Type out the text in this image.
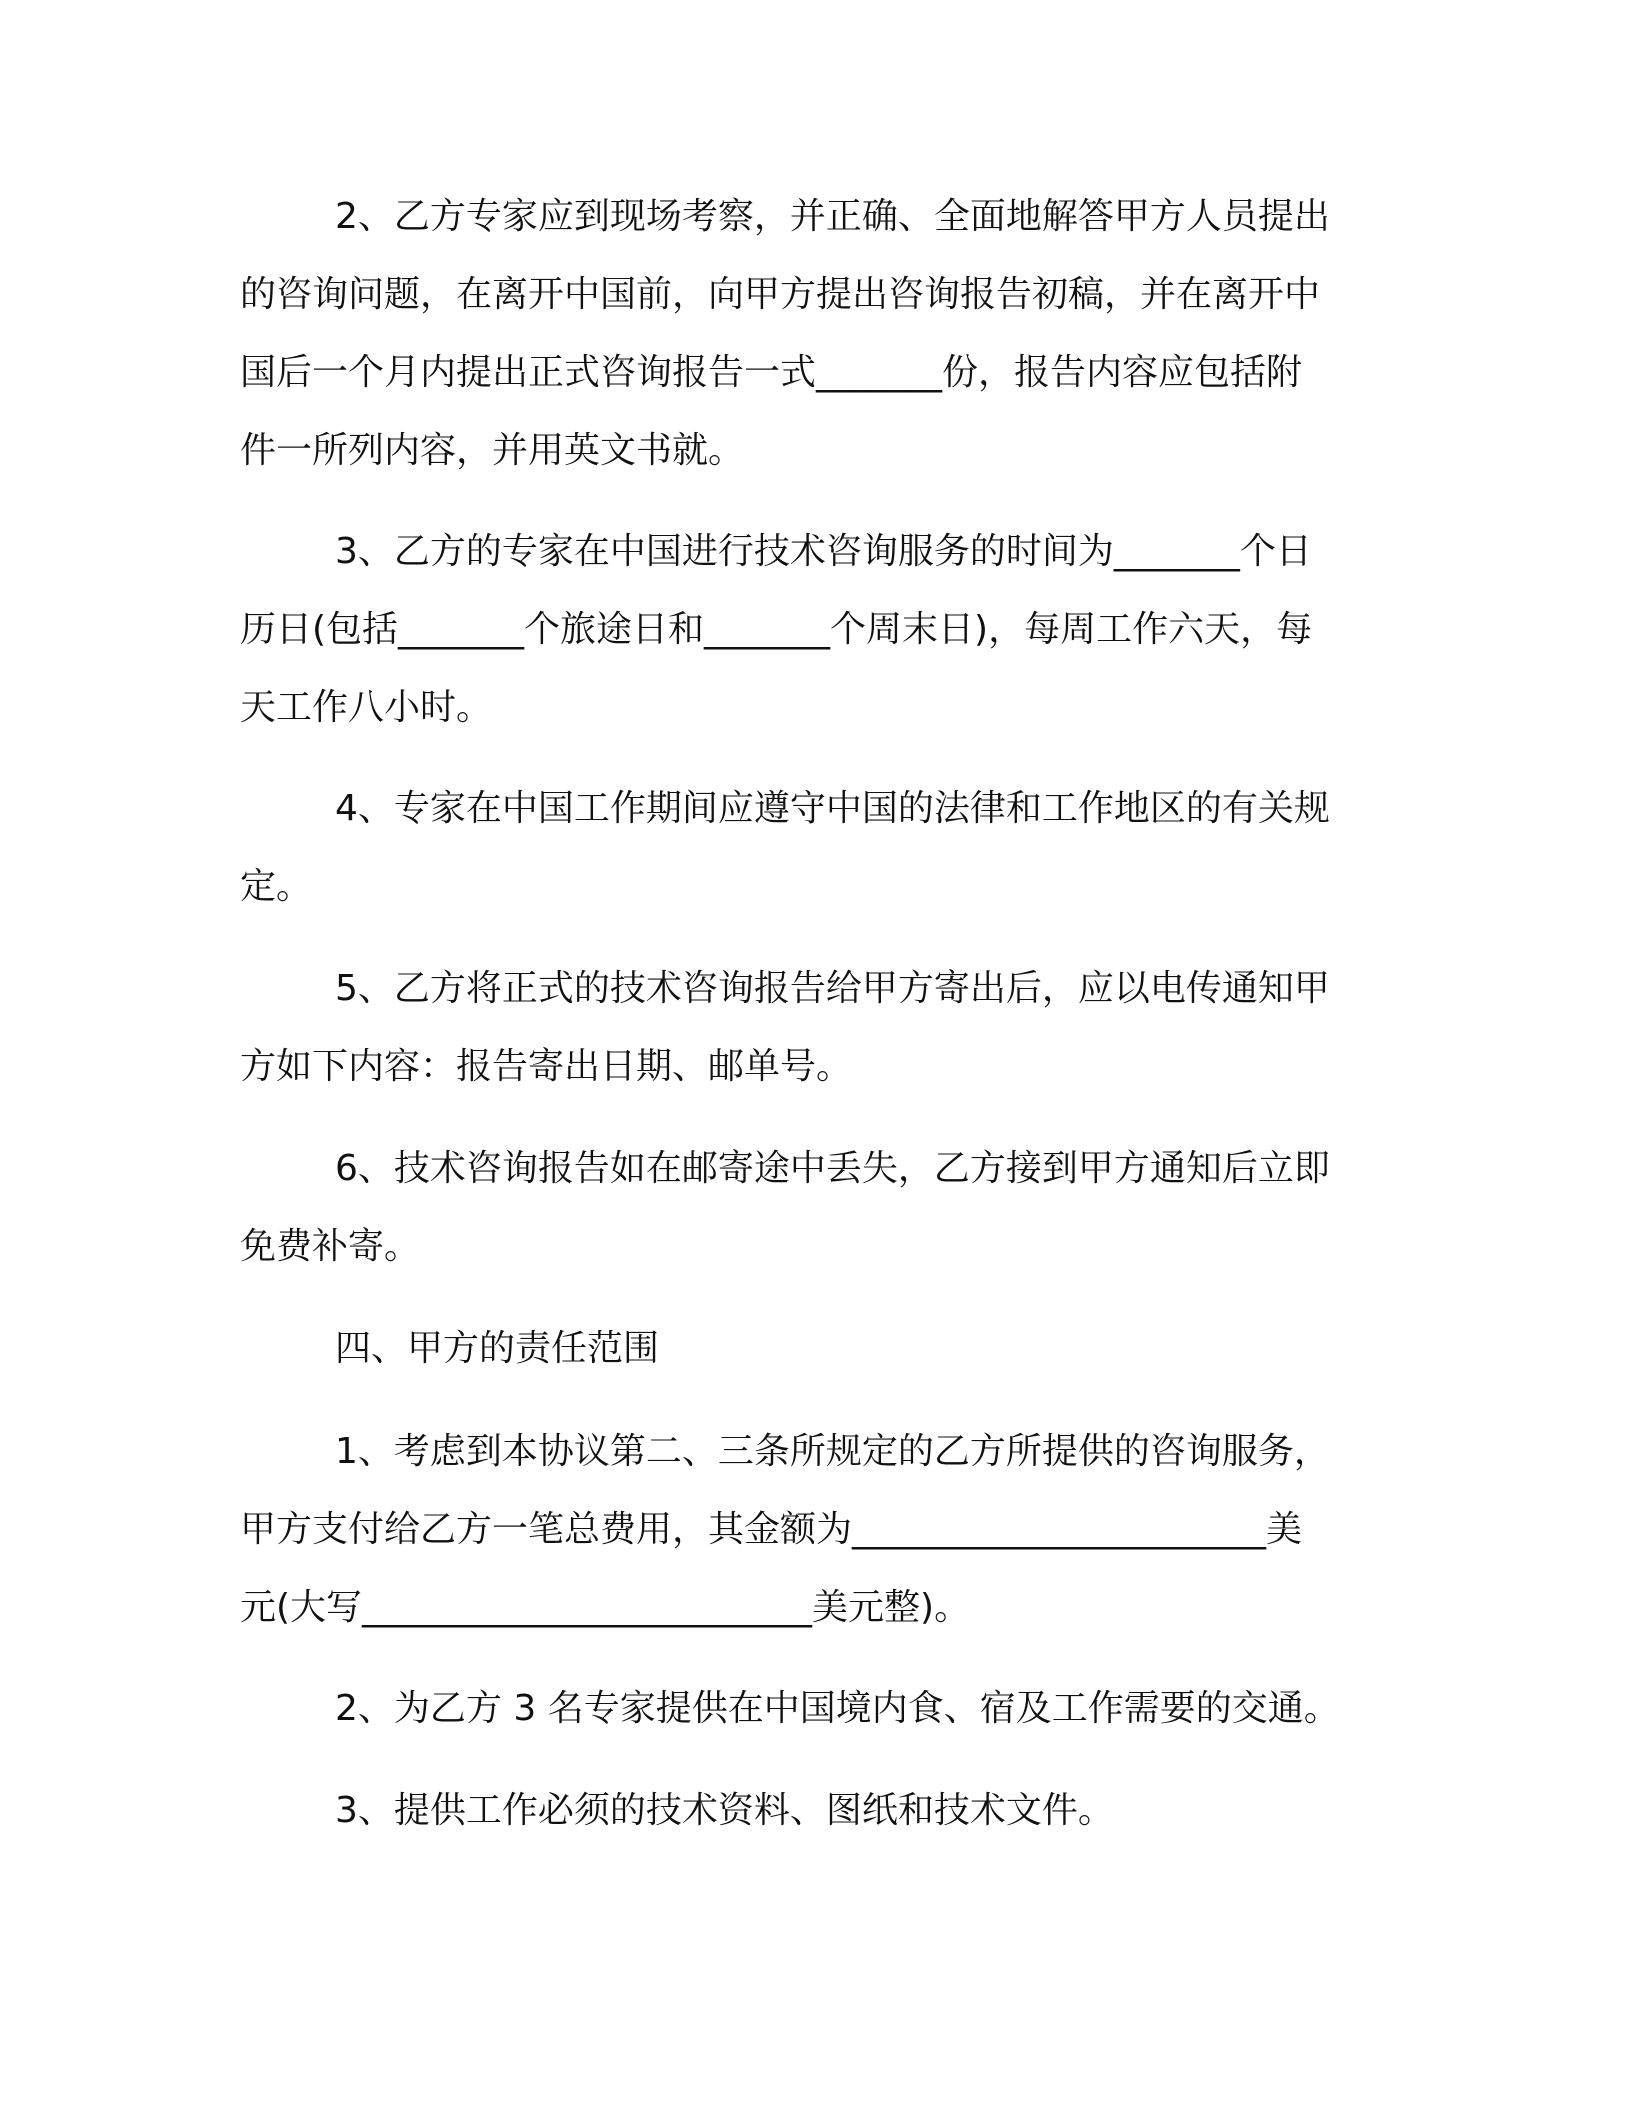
2、乙方专家应到现场考察，并正确、全面地解答甲方人员提出
的咨询问题，在离开中国前，向甲方提出咨询报告初稿，并在离开中
国后一个月内提出正式咨询报告一式_______份，报告内容应包括附
件一所列内容，并用英文书就。
3、乙方的专家在中国进行技术咨询服务的时间为_______个日
历日(包括_______个旅途日和_______个周末日)，每周工作六天，每
天工作八小时。
4、专家在中国工作期间应遵守中国的法律和工作地区的有关规
定。
5、乙方将正式的技术咨询报告给甲方寄出后，应以电传通知甲
方如下内容：报告寄出日期、邮单号。
6、技术咨询报告如在邮寄途中丢失，乙方接到甲方通知后立即
免费补寄。
四、甲方的责任范围
1、考虑到本协议第二、三条所规定的乙方所提供的咨询服务，
甲方支付给乙方一笔总费用，其金额为_______________________美
元(大写_________________________美元整)。
2、为乙方 3 名专家提供在中国境内食、宿及工作需要的交通。
3、提供工作必须的技术资料、图纸和技术文件。
